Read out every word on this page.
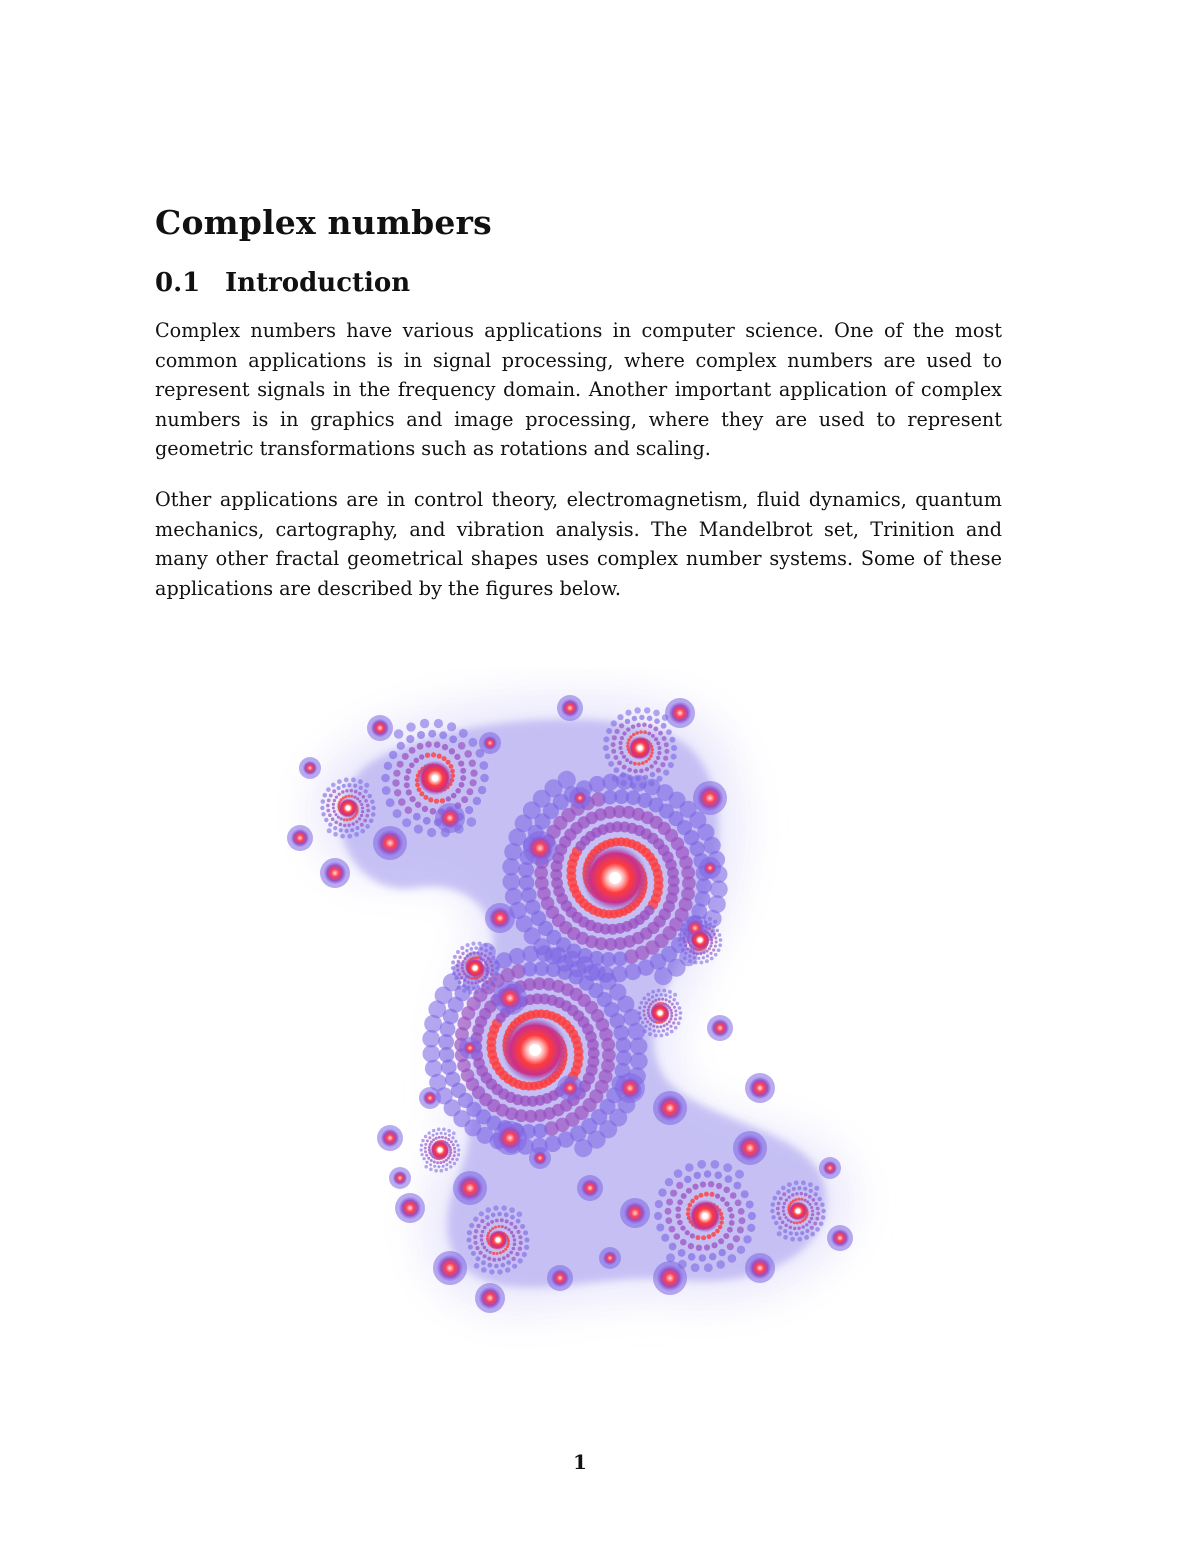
Complex numbers
0.1 Introduction

Complex numbers have various applications in computer science. One of the most common applications is in signal processing, where complex numbers are used to represent signals in the frequency domain. Another important application of complex numbers is in graphics and image processing, where they are used to represent geometric transformations such as rotations and scaling.

Other applications are in control theory, electromagnetism, fluid dynamics, quantum mechanics, cartography, and vibration analysis. The Mandelbrot set, Trinition and many other fractal geometrical shapes uses complex number systems. Some of these applications are described by the figures below.

1
